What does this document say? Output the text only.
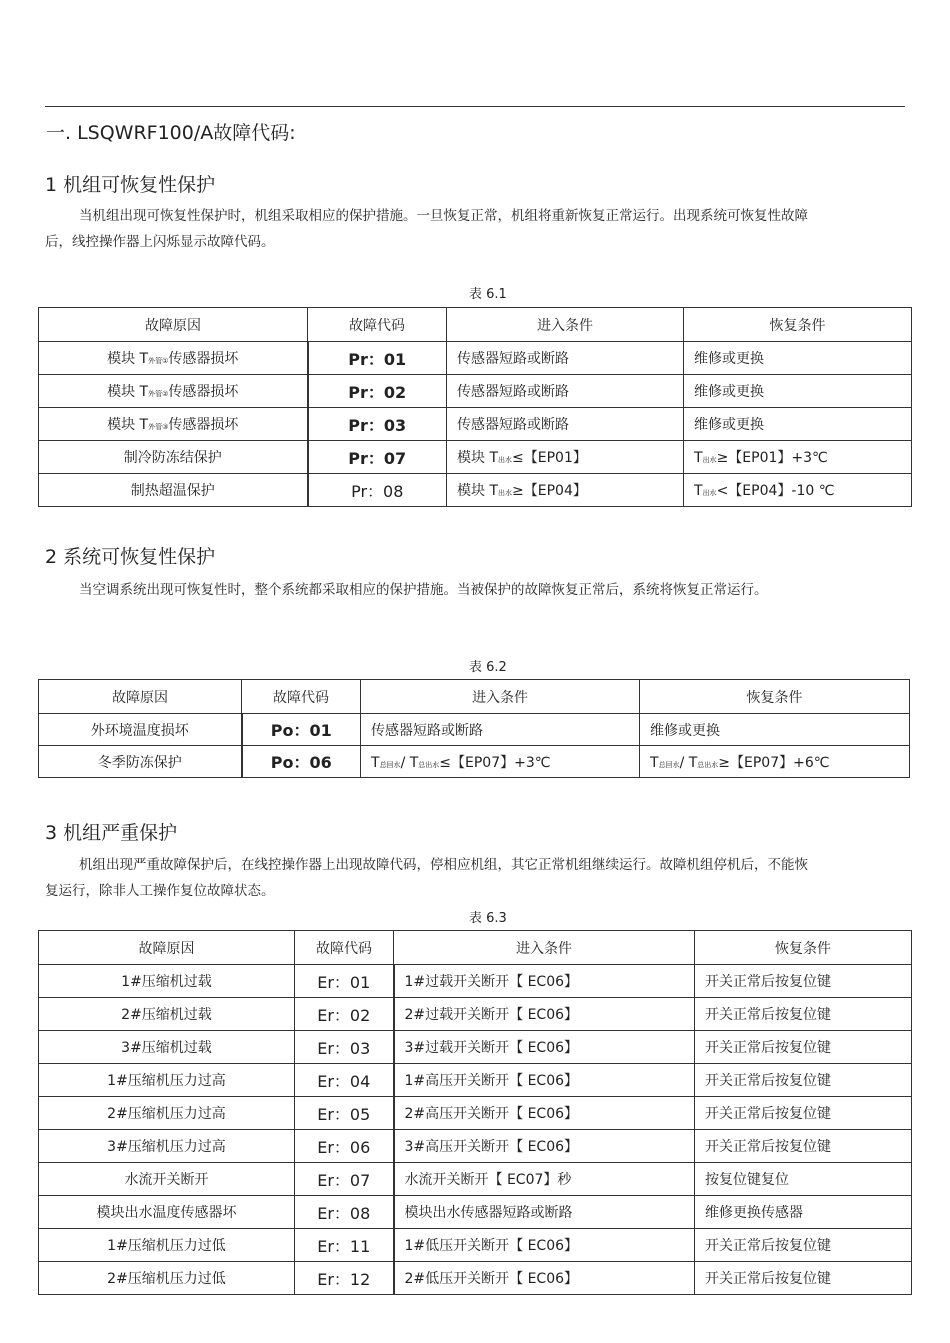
一. LSQWRF100/A故障代码:
1 机组可恢复性保护
当机组出现可恢复性保护时，机组采取相应的保护措施。一旦恢复正常，机组将重新恢复正常运行。出现系统可恢复性故障后，线控操作器上闪烁显示故障代码。
表 6.1
故障原因	故障代码	进入条件	恢复条件
模块 T外管①传感器损坏	Pr：01	传感器短路或断路	维修或更换
模块 T外管②传感器损坏	Pr：02	传感器短路或断路	维修或更换
模块 T外管③传感器损坏	Pr：03	传感器短路或断路	维修或更换
制冷防冻结保护	Pr：07	模块 T出水≤【EP01】	T出水≥【EP01】+3℃
制热超温保护	Pr：08	模块 T出水≥【EP04】	T出水<【EP04】-10 ℃
2 系统可恢复性保护
当空调系统出现可恢复性时，整个系统都采取相应的保护措施。当被保护的故障恢复正常后，系统将恢复正常运行。
表 6.2
故障原因	故障代码	进入条件	恢复条件
外环境温度损坏	Po：01	传感器短路或断路	维修或更换
冬季防冻保护	Po：06	T总回水/ T总出水≤【EP07】+3℃	T总回水/ T总出水≥【EP07】+6℃
3 机组严重保护
机组出现严重故障保护后，在线控操作器上出现故障代码，停相应机组，其它正常机组继续运行。故障机组停机后，不能恢复运行，除非人工操作复位故障状态。
表 6.3
故障原因	故障代码	进入条件	恢复条件
1#压缩机过载	Er：01	1#过载开关断开【 EC06】	开关正常后按复位键
2#压缩机过载	Er：02	2#过载开关断开【 EC06】	开关正常后按复位键
3#压缩机过载	Er：03	3#过载开关断开【 EC06】	开关正常后按复位键
1#压缩机压力过高	Er：04	1#高压开关断开【 EC06】	开关正常后按复位键
2#压缩机压力过高	Er：05	2#高压开关断开【 EC06】	开关正常后按复位键
3#压缩机压力过高	Er：06	3#高压开关断开【 EC06】	开关正常后按复位键
水流开关断开	Er：07	水流开关断开【 EC07】秒	按复位键复位
模块出水温度传感器坏	Er：08	模块出水传感器短路或断路	维修更换传感器
1#压缩机压力过低	Er：11	1#低压开关断开【 EC06】	开关正常后按复位键
2#压缩机压力过低	Er：12	2#低压开关断开【 EC06】	开关正常后按复位键
